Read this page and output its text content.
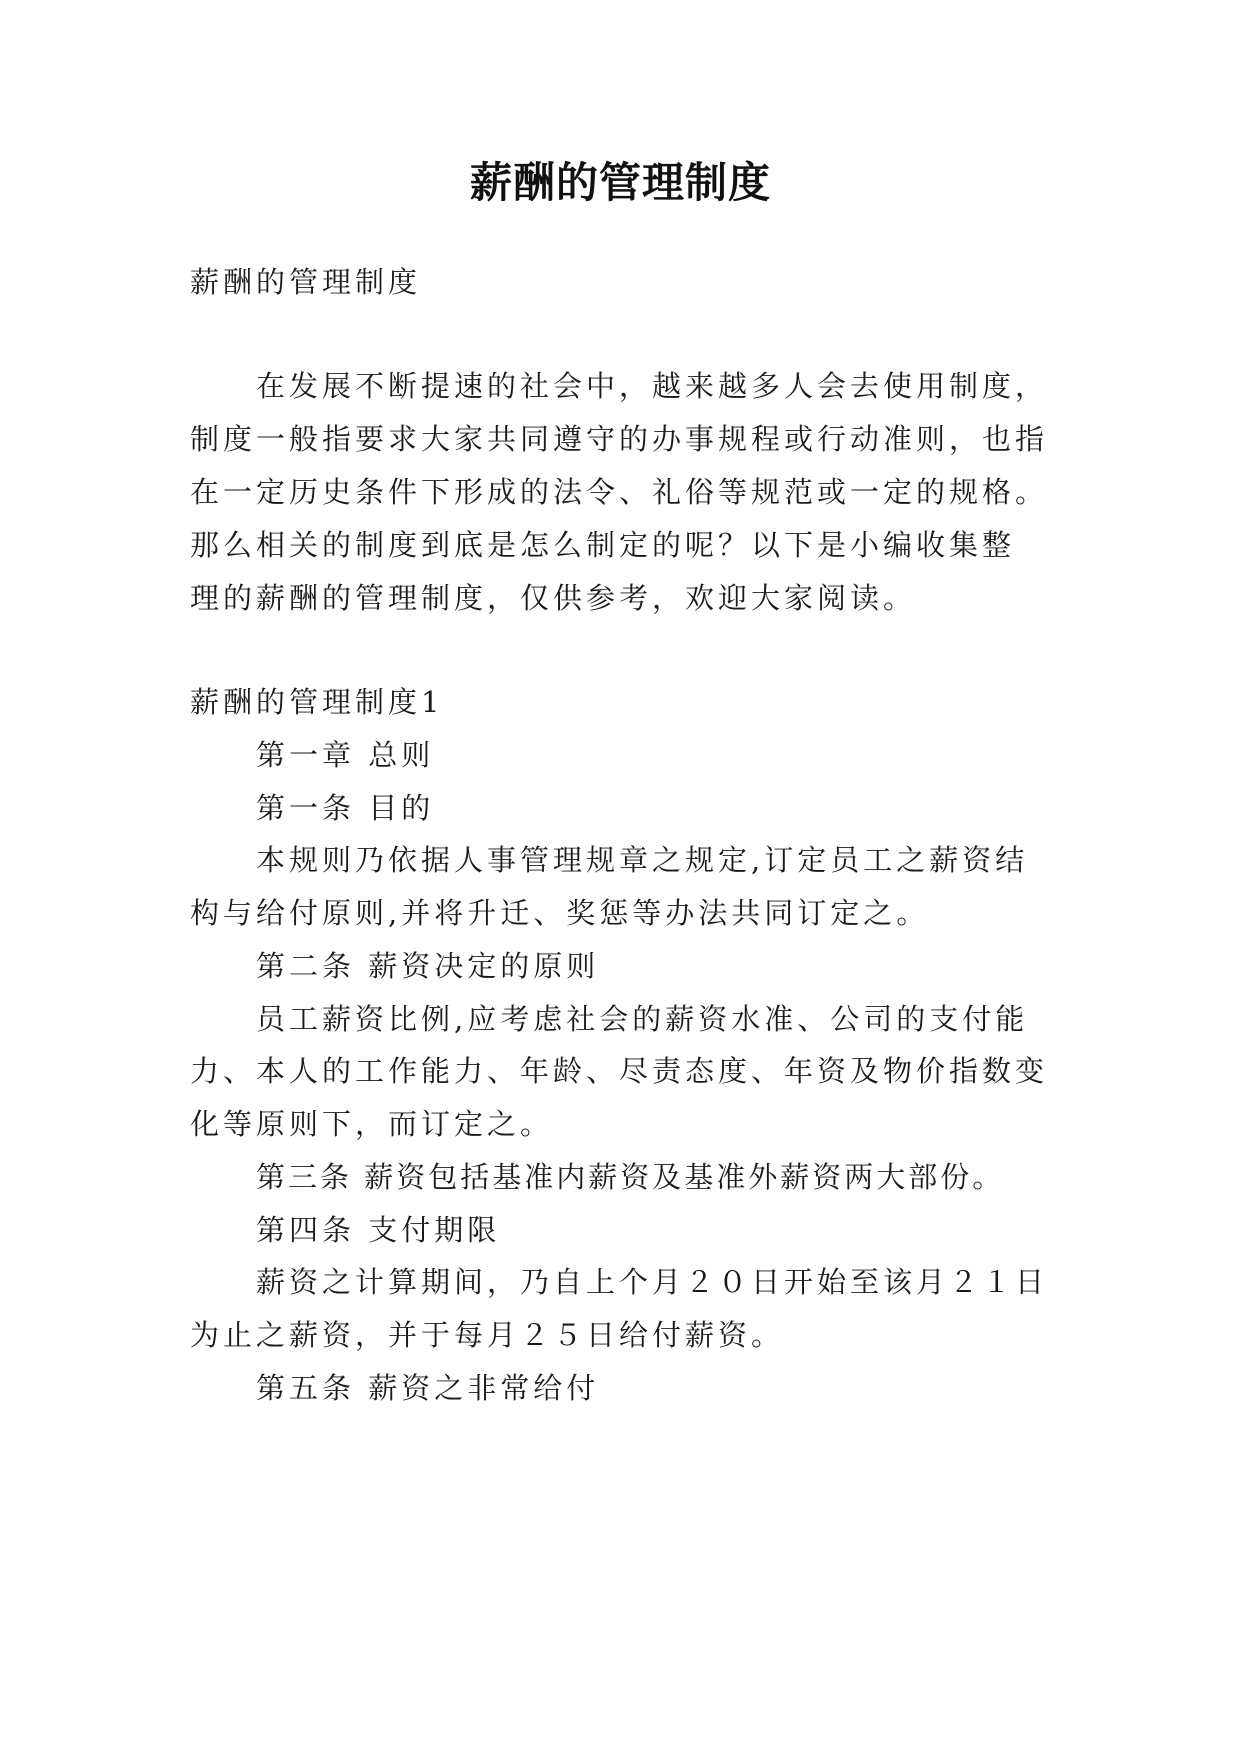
薪酬的管理制度
薪酬的管理制度
在发展不断提速的社会中，越来越多人会去使用制度，
制度一般指要求大家共同遵守的办事规程或行动准则，也指
在一定历史条件下形成的法令、礼俗等规范或一定的规格。
那么相关的制度到底是怎么制定的呢？以下是小编收集整
理的薪酬的管理制度，仅供参考，欢迎大家阅读。
薪酬的管理制度1
第一章 总则
第一条 目的
本规则乃依据人事管理规章之规定,订定员工之薪资结
构与给付原则,并将升迁、奖惩等办法共同订定之。
第二条 薪资决定的原则
员工薪资比例,应考虑社会的薪资水准、公司的支付能
力、本人的工作能力、年龄、尽责态度、年资及物价指数变
化等原则下，而订定之。
第三条 薪资包括基准内薪资及基准外薪资两大部份。
第四条 支付期限
薪资之计算期间，乃自上个月２０日开始至该月２１日
为止之薪资，并于每月２５日给付薪资。
第五条 薪资之非常给付
